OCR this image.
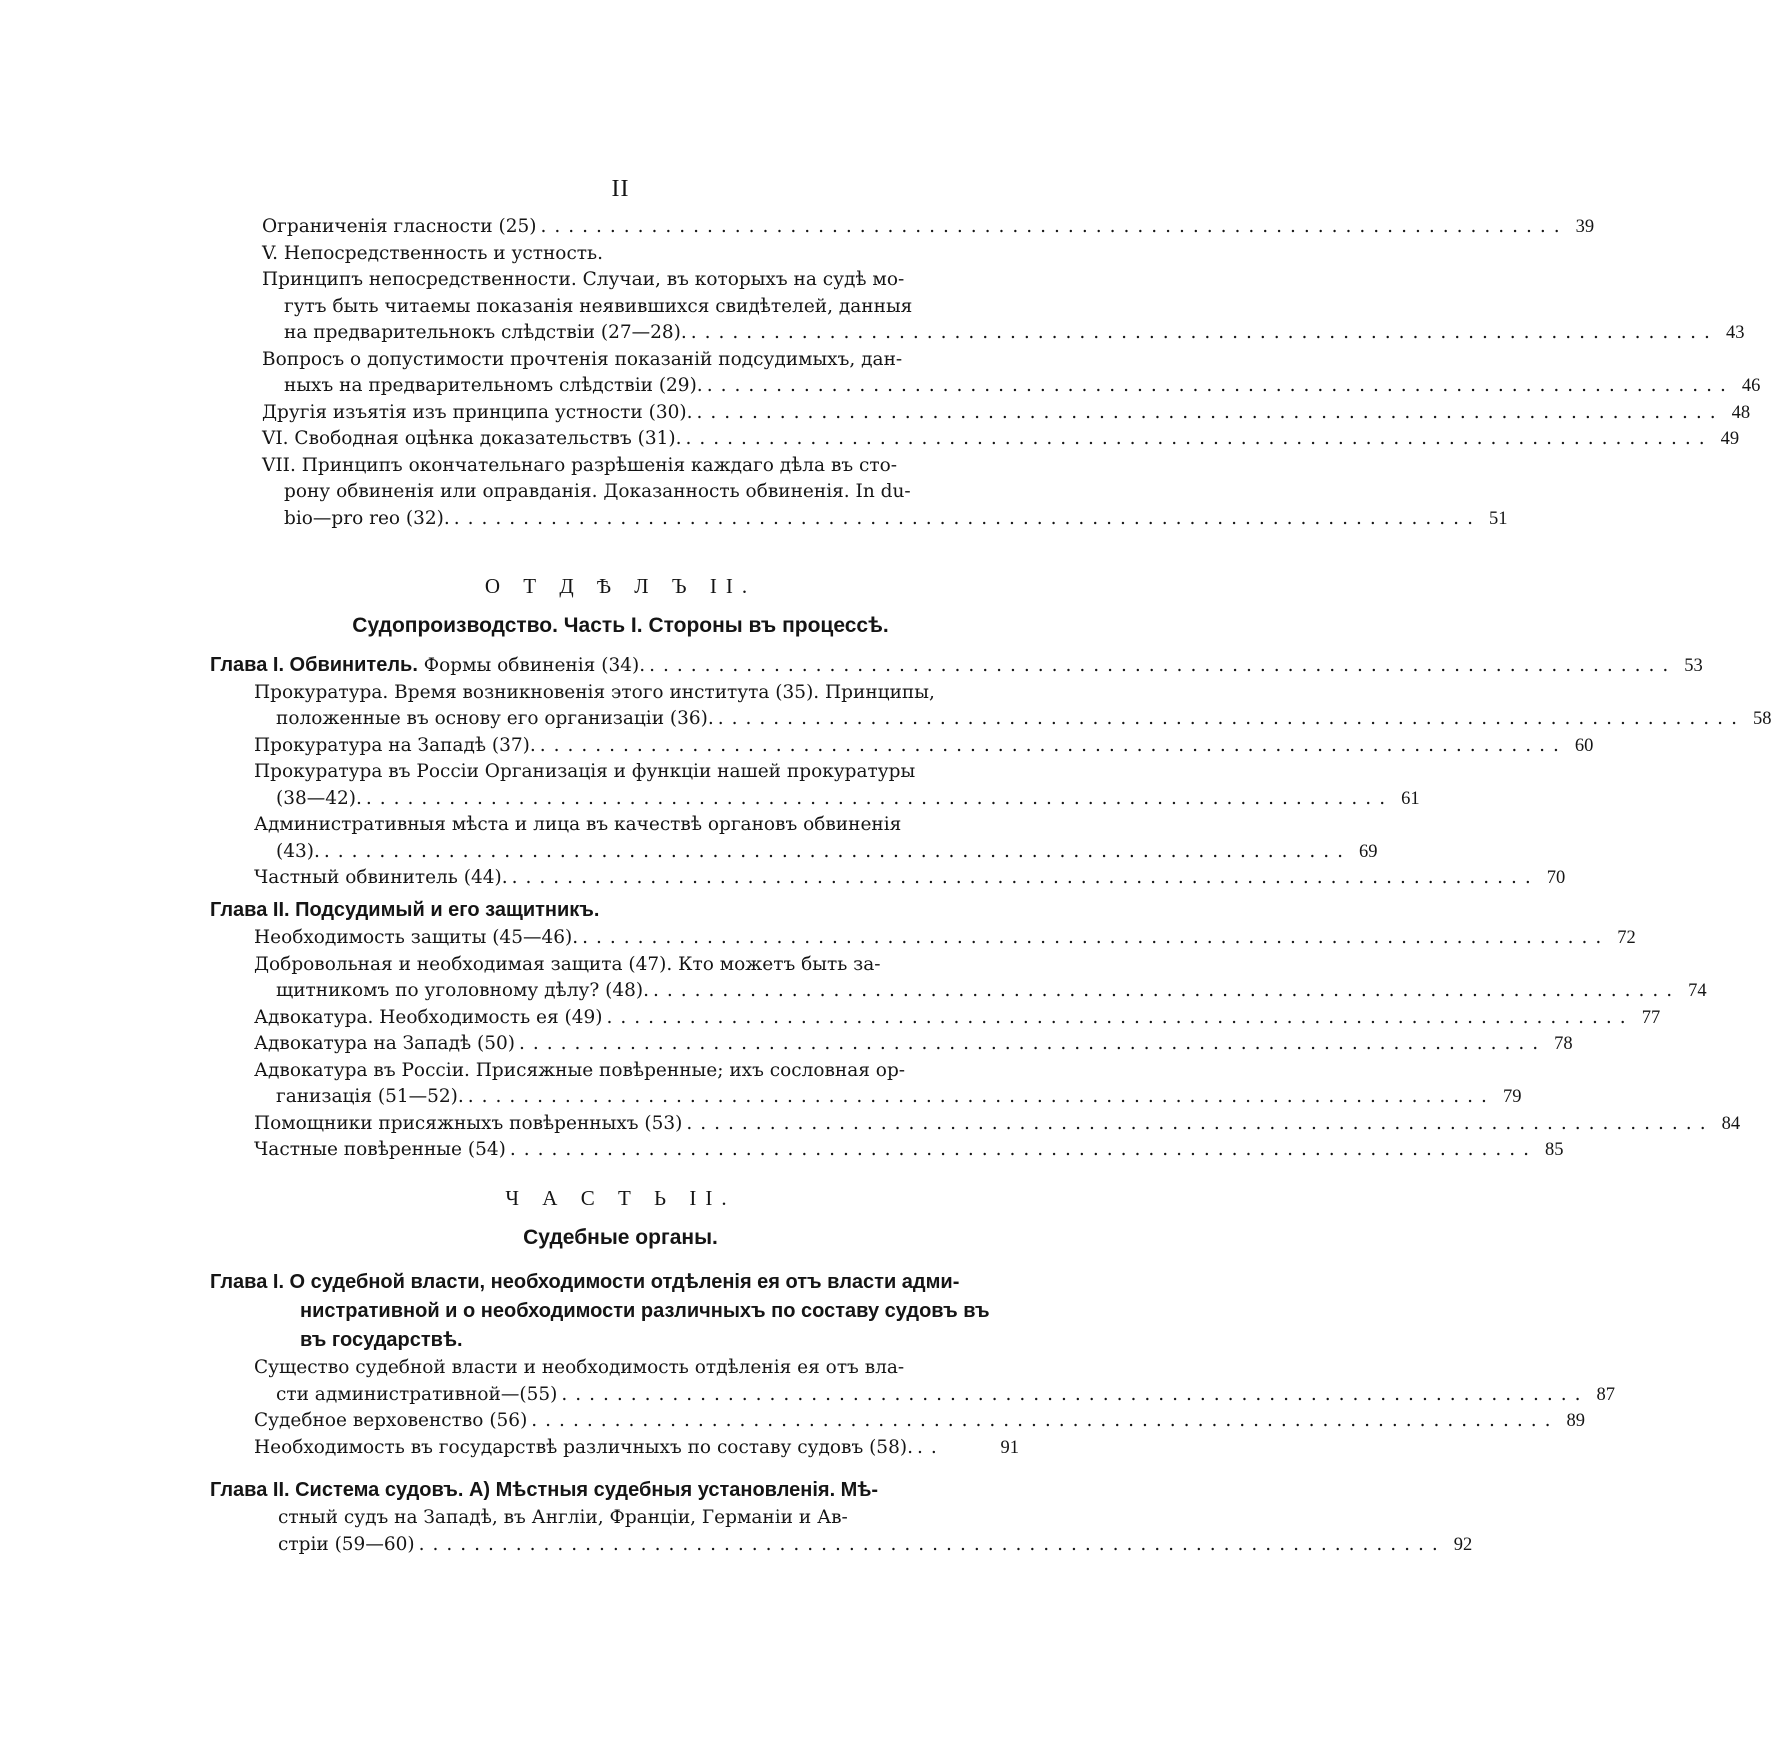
II
Ограниченія гласности (25) .......................................................................... 39
V. Непосредственность и устность.
Принципъ непосредственности. Случаи, въ которыхъ на судѣ мо-
гутъ быть читаемы показанія неявившихся свидѣтелей, данныя
на предварительнокъ слѣдствіи (27—28). .......................................................................... 43
Вопросъ о допустимости прочтенія показаній подсудимыхъ, дан-
ныхъ на предварительномъ слѣдствіи (29). .......................................................................... 46
Другія изъятія изъ принципа устности (30). .......................................................................... 48
VI. Свободная оцѣнка доказательствъ (31). .......................................................................... 49
VII. Принципъ окончательнаго разрѣшенія каждаго дѣла въ сто-
рону обвиненія или оправданія. Доказанность обвиненія. In du-
bio—pro reo (32). .......................................................................... 51
О Т Д Ѣ Л Ъ II.
Судопроизводство. Часть I. Стороны въ процессѣ.
Глава I. Обвинитель. Формы обвиненія (34). .......................................................................... 53
Прокуратура. Время возникновенія этого института (35). Принципы,
положенные въ основу его организаціи (36). .......................................................................... 58
Прокуратура на Западѣ (37). .......................................................................... 60
Прокуратура въ Россіи Организація и функціи нашей прокуратуры
(38—42). .......................................................................... 61
Административныя мѣста и лица въ качествѣ органовъ обвиненія
(43). .......................................................................... 69
Частный обвинитель (44). .......................................................................... 70
Глава II. Подсудимый и его защитникъ.
Необходимость защиты (45—46). .......................................................................... 72
Добровольная и необходимая защита (47). Кто можетъ быть за-
щитникомъ по уголовному дѣлу? (48). .......................................................................... 74
Адвокатура. Необходимость ея (49) .......................................................................... 77
Адвокатура на Западѣ (50) .......................................................................... 78
Адвокатура въ Россіи. Присяжные повѣренные; ихъ сословная ор-
ганизація (51—52). .......................................................................... 79
Помощники присяжныхъ повѣренныхъ (53) .......................................................................... 84
Частные повѣренные (54) .......................................................................... 85
Ч А С Т Ь II.
Судебные органы.
Глава I. О судебной власти, необходимости отдѣленія ея отъ власти адми-
нистративной и о необходимости различныхъ по составу судовъ въ
въ государствѣ.
Существо судебной власти и необходимость отдѣленія ея отъ вла-
сти административной—(55) .......................................................................... 87
Судебное верховенство (56) .......................................................................... 89
Необходимость въ государствѣ различныхъ по составу судовъ (58). ..	91
Глава II. Система судовъ. А) Мѣстныя судебныя установленія. Мѣ-
стный судъ на Западѣ, въ Англіи, Франціи, Германіи и Ав-
стріи (59—60) .......................................................................... 92
